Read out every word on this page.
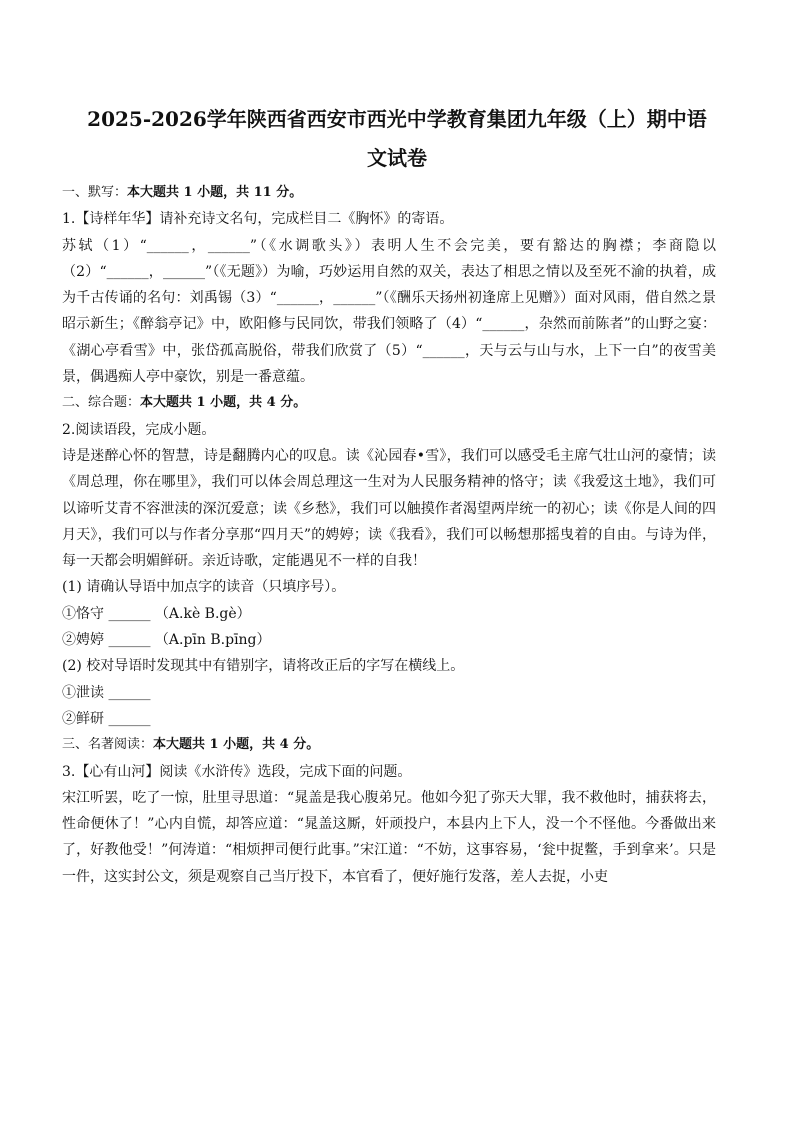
2025-2026学年陕西省西安市西光中学教育集团九年级（上）期中语
文试卷

一、默写：本大题共 1 小题，共 11 分。

1.【诗样年华】请补充诗文名句，完成栏目二《胸怀》的寄语。

苏轼（1）“______，______”（《水调歌头》）表明人生不会完美，要有豁达的胸襟；李商隐以（2）“______，______”（《无题》）为喻，巧妙运用自然的双关，表达了相思之情以及至死不渝的执着，成为千古传诵的名句：刘禹锡（3）“______，______”（《酬乐天扬州初逢席上见赠》）面对风雨，借自然之景昭示新生；《醉翁亭记》中，欧阳修与民同饮，带我们领略了（4）“______，杂然而前陈者”的山野之宴：《湖心亭看雪》中，张岱孤高脱俗，带我们欣赏了（5）“______，天与云与山与水，上下一白”的夜雪美景，偶遇痴人亭中豪饮，别是一番意蕴。

二、综合题：本大题共 1 小题，共 4 分。

2.阅读语段，完成小题。

诗是迷醉心怀的智慧，诗是翻腾内心的叹息。读《沁园春•雪》，我们可以感受毛主席气壮山河的豪情；读《周总理，你在哪里》，我们可以体会周总理这一生对为人民服务精神的恪守；读《我爱这土地》，我们可以谛听艾青不容泄渎的深沉爱意；读《乡愁》，我们可以触摸作者渴望两岸统一的初心；读《你是人间的四月天》，我们可以与作者分享那“四月天”的娉婷；读《我看》，我们可以畅想那摇曳着的自由。与诗为伴，每一天都会明媚鲜研。亲近诗歌，定能遇见不一样的自我！

(1) 请确认导语中加点字的读音（只填序号）。

①恪守 ______ （A.kè B.gè）

②娉婷 ______ （A.pīn B.pīng）

(2) 校对导语时发现其中有错别字，请将改正后的字写在横线上。

①泄读 ______

②鲜研 ______

三、名著阅读：本大题共 1 小题，共 4 分。

3.【心有山河】阅读《水浒传》选段，完成下面的问题。

宋江听罢，吃了一惊，肚里寻思道：“晁盖是我心腹弟兄。他如今犯了弥天大罪，我不救他时，捕获将去，性命便休了！”心内自慌，却答应道：“晁盖这厮，奸顽投户，本县内上下人，没一个不怪他。今番做出来了，好教他受！”何涛道：“相烦押司便行此事。”宋江道：“不妨，这事容易，‘瓮中捉鳖，手到拿来’。只是一件，这实封公文，须是观察自己当厅投下，本官看了，便好施行发落，差人去捉，小吏
